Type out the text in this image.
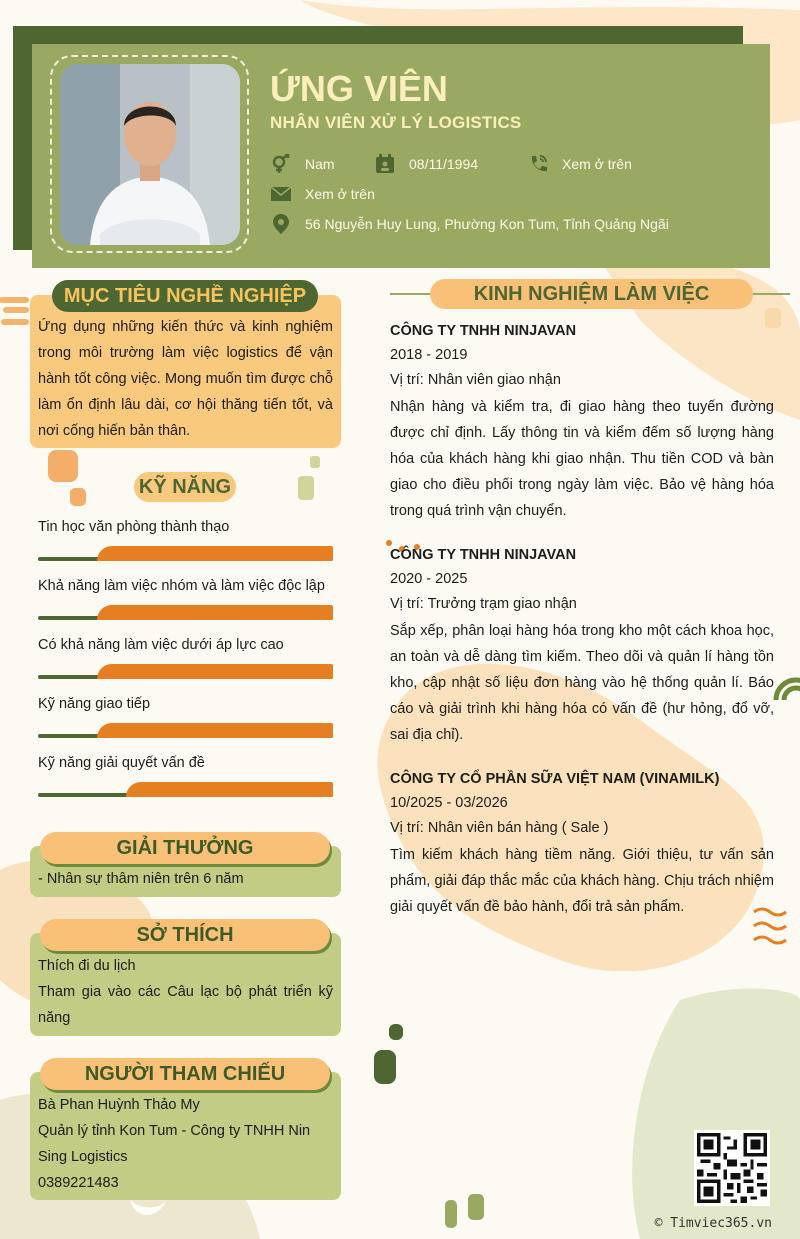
ỨNG VIÊN
NHÂN VIÊN XỬ LÝ LOGISTICS
Nam	08/11/1994	Xem ở trên
Xem ở trên
56 Nguyễn Huy Lung, Phường Kon Tum, Tỉnh Quảng Ngãi
MỤC TIÊU NGHỀ NGHIỆP
Ứng dụng những kiến thức và kinh nghiệm trong môi trường làm việc logistics để vận hành tốt công việc. Mong muốn tìm được chỗ làm ổn định lâu dài, cơ hội thăng tiến tốt, và nơi cống hiến bản thân.
KỸ NĂNG
Tin học văn phòng thành thạo
Khả năng làm việc nhóm và làm việc độc lập
Có khả năng làm việc dưới áp lực cao
Kỹ năng giao tiếp
Kỹ năng giải quyết vấn đề
GIẢI THƯỞNG
- Nhân sự thâm niên trên 6 năm
SỞ THÍCH
Thích đi du lịch
Tham gia vào các Câu lạc bộ phát triển kỹ năng
NGƯỜI THAM CHIẾU
Bà Phan Huỳnh Thảo My
Quản lý tỉnh Kon Tum - Công ty TNHH Nin Sing Logistics
0389221483
KINH NGHIỆM LÀM VIỆC
CÔNG TY TNHH NINJAVAN
2018 - 2019
Vị trí: Nhân viên giao nhận
Nhận hàng và kiểm tra, đi giao hàng theo tuyến đường được chỉ định. Lấy thông tin và kiểm đếm số lượng hàng hóa của khách hàng khi giao nhận. Thu tiền COD và bàn giao cho điều phối trong ngày làm việc. Bảo vệ hàng hóa trong quá trình vận chuyển.
CÔNG TY TNHH NINJAVAN
2020 - 2025
Vị trí: Trưởng trạm giao nhận
Sắp xếp, phân loại hàng hóa trong kho một cách khoa học, an toàn và dễ dàng tìm kiếm. Theo dõi và quản lí hàng tồn kho, cập nhật số liệu đơn hàng vào hệ thống quản lí. Báo cáo và giải trình khi hàng hóa có vấn đề (hư hỏng, đổ vỡ, sai địa chỉ).
CÔNG TY CỔ PHẦN SỮA VIỆT NAM (VINAMILK)
10/2025 - 03/2026
Vị trí: Nhân viên bán hàng ( Sale )
Tìm kiếm khách hàng tiềm năng. Giới thiệu, tư vấn sản phẩm, giải đáp thắc mắc của khách hàng. Chịu trách nhiệm giải quyết vấn đề bảo hành, đổi trả sản phẩm.
© Timviec365.vn
